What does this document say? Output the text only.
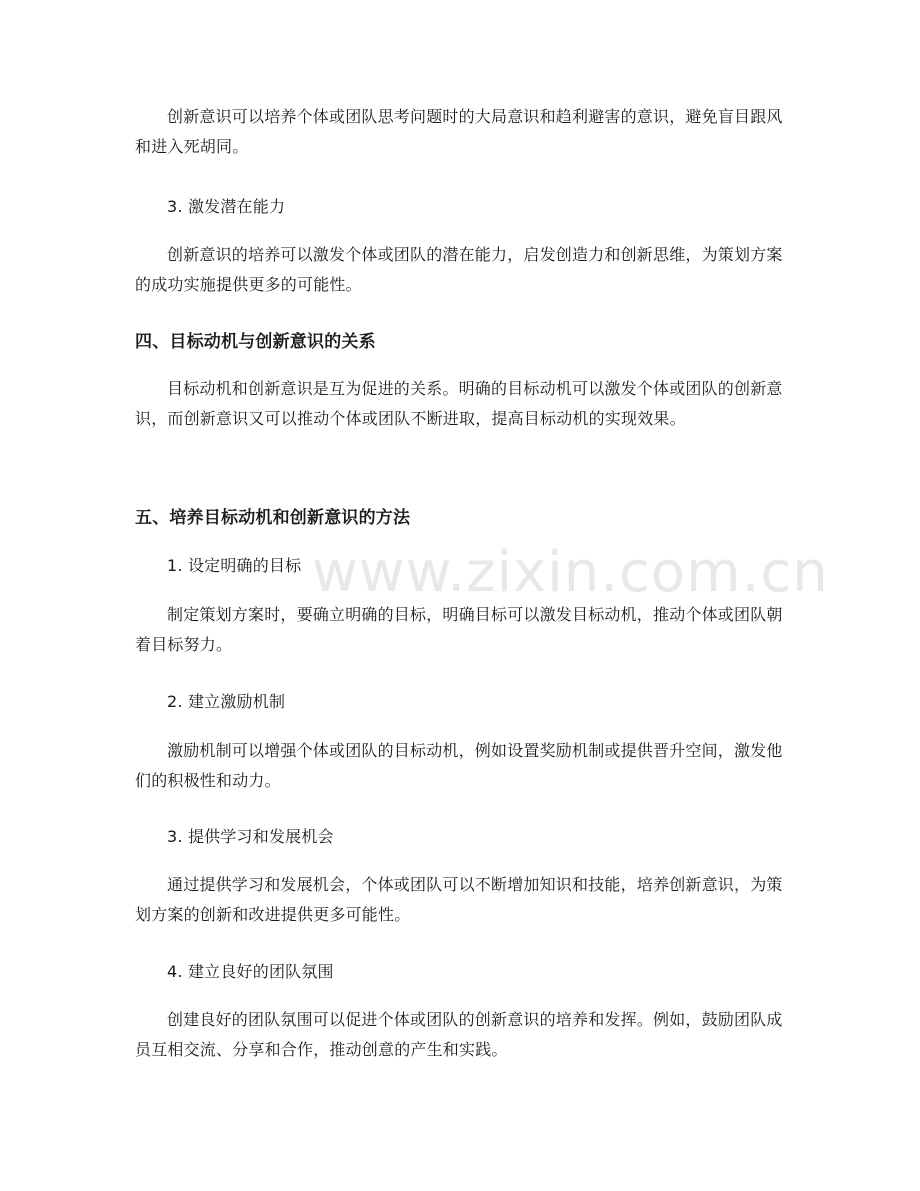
www.zixin.com.cn

创新意识可以培养个体或团队思考问题时的大局意识和趋利避害的意识，避免盲目跟风和进入死胡同。

3. 激发潜在能力

创新意识的培养可以激发个体或团队的潜在能力，启发创造力和创新思维，为策划方案的成功实施提供更多的可能性。

四、目标动机与创新意识的关系

目标动机和创新意识是互为促进的关系。明确的目标动机可以激发个体或团队的创新意识，而创新意识又可以推动个体或团队不断进取，提高目标动机的实现效果。

五、培养目标动机和创新意识的方法

1. 设定明确的目标

制定策划方案时，要确立明确的目标，明确目标可以激发目标动机，推动个体或团队朝着目标努力。

2. 建立激励机制

激励机制可以增强个体或团队的目标动机，例如设置奖励机制或提供晋升空间，激发他们的积极性和动力。

3. 提供学习和发展机会

通过提供学习和发展机会，个体或团队可以不断增加知识和技能，培养创新意识，为策划方案的创新和改进提供更多可能性。

4. 建立良好的团队氛围

创建良好的团队氛围可以促进个体或团队的创新意识的培养和发挥。例如，鼓励团队成员互相交流、分享和合作，推动创意的产生和实践。
